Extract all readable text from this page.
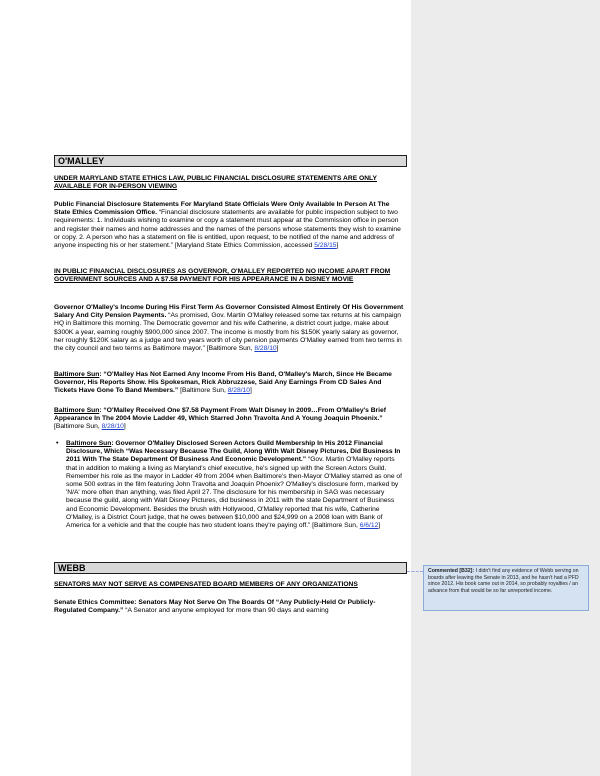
O'MALLEY
UNDER MARYLAND STATE ETHICS LAW, PUBLIC FINANCIAL DISCLOSURE STATEMENTS ARE ONLY AVAILABLE FOR IN-PERSON VIEWING
Public Financial Disclosure Statements For Maryland State Officials Were Only Available In Person At The State Ethics Commission Office. “Financial disclosure statements are available for public inspection subject to two requirements: 1. Individuals wishing to examine or copy a statement must appear at the Commission office in person and register their names and home addresses and the names of the persons whose statements they wish to examine or copy. 2. A person who has a statement on file is entitled, upon request, to be notified of the name and address of anyone inspecting his or her statement.” [Maryland State Ethics Commission, accessed 5/28/15]
IN PUBLIC FINANCIAL DISCLOSURES AS GOVERNOR, O'MALLEY REPORTED NO INCOME APART FROM GOVERNMENT SOURCES AND A $7.58 PAYMENT FOR HIS APPEARANCE IN A DISNEY MOVIE
Governor O'Malley's Income During His First Term As Governor Consisted Almost Entirely Of His Government Salary And City Pension Payments. “As promised, Gov. Martin O'Malley released some tax returns at his campaign HQ in Baltimore this morning. The Democratic governor and his wife Catherine, a district court judge, make about $300K a year, earning roughly $900,000 since 2007. The income is mostly from his $150K yearly salary as governor, her roughly $120K salary as a judge and two years worth of city pension payments O'Malley earned from two terms in the city council and two terms as Baltimore mayor.” [Baltimore Sun, 8/28/10]
Baltimore Sun: “O'Malley Has Not Earned Any Income From His Band, O'Malley's March, Since He Became Governor, His Reports Show. His Spokesman, Rick Abbruzzese, Said Any Earnings From CD Sales And Tickets Have Gone To Band Members.” [Baltimore Sun, 8/28/10]
Baltimore Sun: “O'Malley Received One $7.58 Payment From Walt Disney In 2009…From O'Malley's Brief Appearance In The 2004 Movie Ladder 49, Which Starred John Travolta And A Young Joaquin Phoenix.” [Baltimore Sun, 8/28/10]
• Baltimore Sun: Governor O'Malley Disclosed Screen Actors Guild Membership In His 2012 Financial Disclosure, Which “Was Necessary Because The Guild, Along With Walt Disney Pictures, Did Business In 2011 With The State Department Of Business And Economic Development.” “Gov. Martin O'Malley reports that in addition to making a living as Maryland's chief executive, he's signed up with the Screen Actors Guild. Remember his role as the mayor in Ladder 49 from 2004 when Baltimore's then-Mayor O'Malley starred as one of some 500 extras in the film featuring John Travolta and Joaquin Phoenix? O'Malley's disclosure form, marked by 'N/A' more often than anything, was filed April 27. The disclosure for his membership in SAG was necessary because the guild, along with Walt Disney Pictures, did business in 2011 with the state Department of Business and Economic Development. Besides the brush with Hollywood, O'Malley reported that his wife, Catherine O'Malley, is a District Court judge, that he owes between $10,000 and $24,999 on a 2008 loan with Bank of America for a vehicle and that the couple has two student loans they're paying off.” [Baltimore Sun, 6/6/12]
WEBB
SENATORS MAY NOT SERVE AS COMPENSATED BOARD MEMBERS OF ANY ORGANIZATIONS
Senate Ethics Committee: Senators May Not Serve On The Boards Of “Any Publicly-Held Or Publicly-Regulated Company.” “A Senator and anyone employed for more than 90 days and earning
Commented [B32]: I didn't find any evidence of Webb serving on boards after leaving the Senate in 2013, and he hasn't had a PFD since 2012. His book came out in 2014, so probably royalties / an advance from that would be so far unreported income.
